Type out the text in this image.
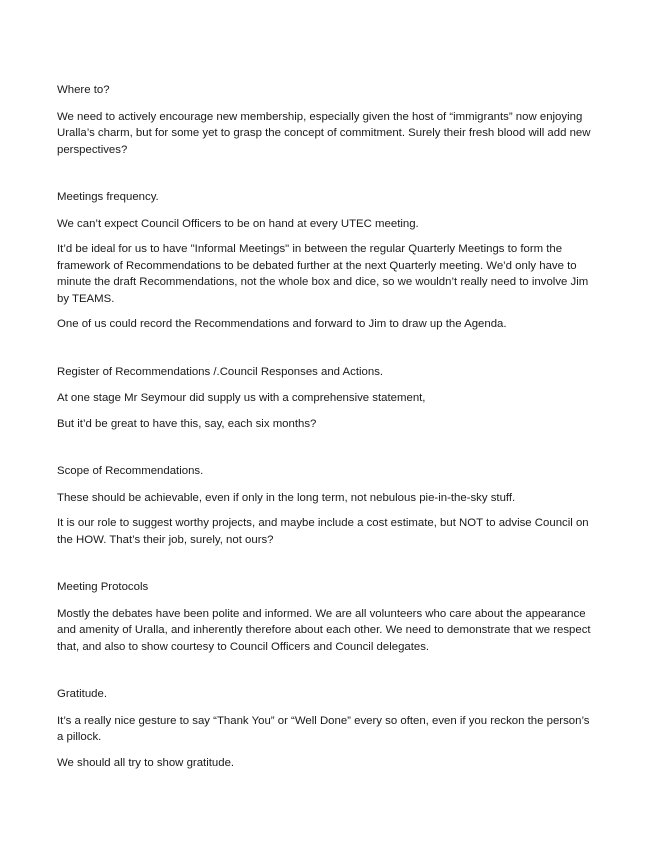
Where to?

We need to actively encourage new membership, especially given the host of “immigrants” now enjoying Uralla’s charm, but for some yet to grasp the concept of commitment. Surely their fresh blood will add new perspectives?

Meetings frequency.

We can’t expect Council Officers to be on hand at every UTEC meeting.

It’d be ideal for us to have "Informal Meetings" in between the regular Quarterly Meetings to form the framework of Recommendations to be debated further at the next Quarterly meeting. We’d only have to minute the draft Recommendations, not the whole box and dice, so we wouldn’t really need to involve Jim by TEAMS.

One of us could record the Recommendations and forward to Jim to draw up the Agenda.

Register of Recommendations /.Council Responses and Actions.

At one stage Mr Seymour did supply us with a comprehensive statement,

But it’d be great to have this, say, each six months?

Scope of Recommendations.

These should be achievable, even if only in the long term, not nebulous pie-in-the-sky stuff.

It is our role to suggest worthy projects, and maybe include a cost estimate, but NOT to advise Council on the HOW. That’s their job, surely, not ours?

Meeting Protocols

Mostly the debates have been polite and informed. We are all volunteers who care about the appearance and amenity of Uralla, and inherently therefore about each other. We need to demonstrate that we respect that, and also to show courtesy to Council Officers and Council delegates.

Gratitude.

It’s a really nice gesture to say “Thank You” or “Well Done” every so often, even if you reckon the person’s a pillock.

We should all try to show gratitude.
